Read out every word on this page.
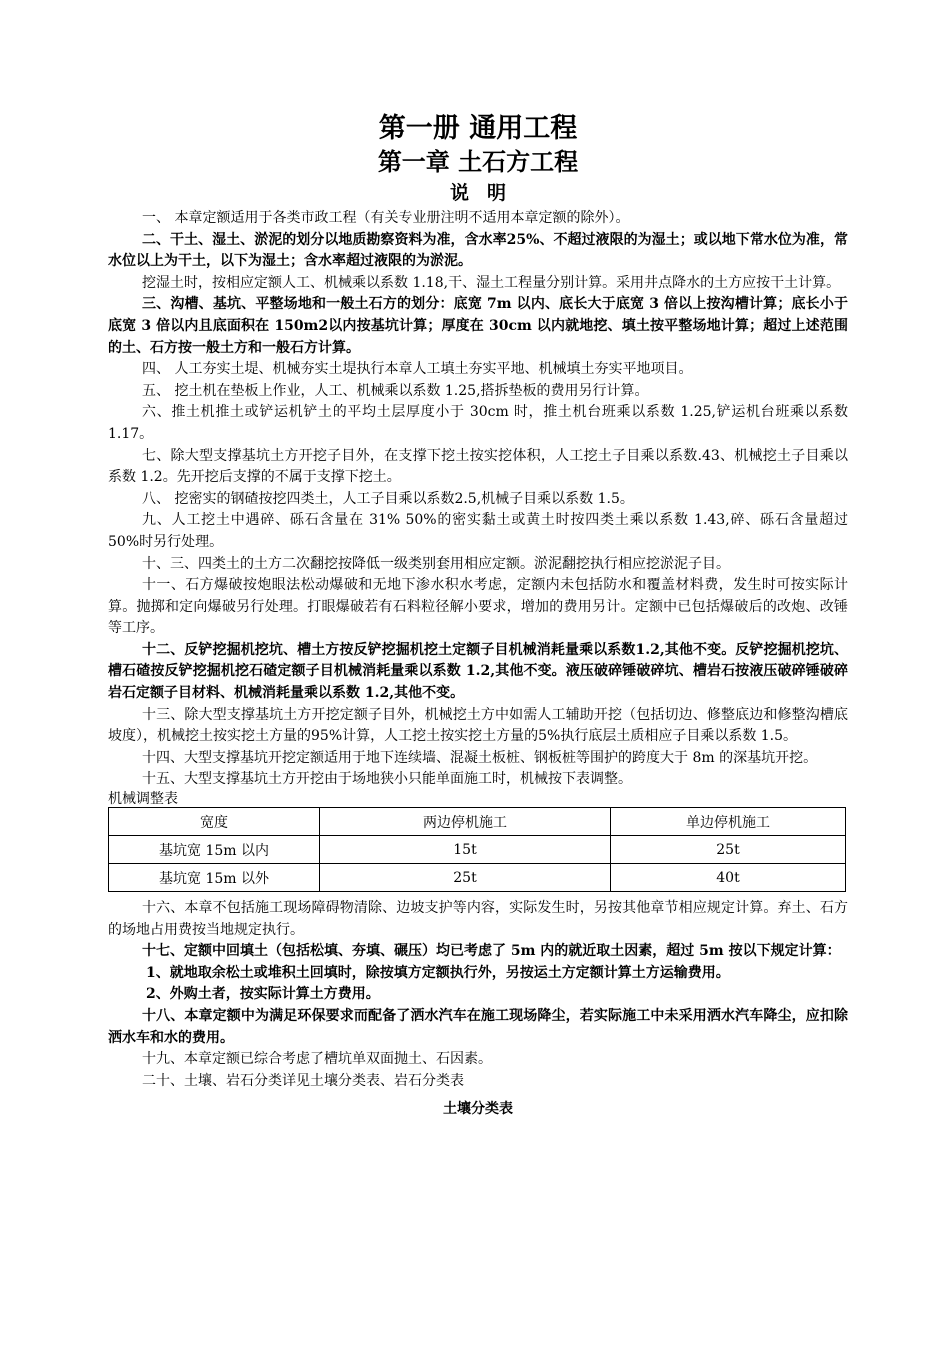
第一册 通用工程
第一章 土石方工程
说明

一、 本章定额适用于各类市政工程（有关专业册注明不适用本章定额的除外）。

二、干土、湿土、淤泥的划分以地质勘察资料为准，含水率25%、不超过液限的为湿土；或以地下常水位为准，常水位以上为干土，以下为湿土；含水率超过液限的为淤泥。

挖湿土时，按相应定额人工、机械乘以系数 1.18,干、湿土工程量分别计算。采用井点降水的土方应按干土计算。

三、沟槽、基坑、平整场地和一般土石方的划分：底宽 7m 以内、底长大于底宽 3 倍以上按沟槽计算；底长小于底宽 3 倍以内且底面积在 150m2以内按基坑计算；厚度在 30cm 以内就地挖、填土按平整场地计算；超过上述范围的土、石方按一般土方和一般石方计算。

四、 人工夯实土堤、机械夯实土堤执行本章人工填土夯实平地、机械填土夯实平地项目。

五、 挖土机在垫板上作业，人工、机械乘以系数 1.25,搭拆垫板的费用另行计算。

六、推土机推土或铲运机铲土的平均土层厚度小于 30cm 时，推土机台班乘以系数 1.25,铲运机台班乘以系数 1.17。

七、除大型支撑基坑土方开挖子目外，在支撑下挖土按实挖体积，人工挖土子目乘以系数.43、机械挖土子目乘以系数 1.2。先开挖后支撑的不属于支撑下挖土。

八、 挖密实的钢碴按挖四类土，人工子目乘以系数2.5,机械子目乘以系数 1.5。

九、人工挖土中遇碎、砾石含量在 31% 50%的密实黏土或黄土时按四类土乘以系数 1.43,碎、砾石含量超过 50%时另行处理。

十、三、四类土的土方二次翻挖按降低一级类别套用相应定额。淤泥翻挖执行相应挖淤泥子目。

十一、石方爆破按炮眼法松动爆破和无地下渗水积水考虑，定额内未包括防水和覆盖材料费，发生时可按实际计算。抛掷和定向爆破另行处理。打眼爆破若有石料粒径解小要求，增加的费用另计。定额中已包括爆破后的改炮、改锤等工序。

十二、反铲挖掘机挖坑、槽土方按反铲挖掘机挖土定额子目机械消耗量乘以系数1.2,其他不变。反铲挖掘机挖坑、槽石碴按反铲挖掘机挖石碴定额子目机械消耗量乘以系数 1.2,其他不变。液压破碎锤破碎坑、槽岩石按液压破碎锤破碎岩石定额子目材料、机械消耗量乘以系数 1.2,其他不变。

十三、除大型支撑基坑土方开挖定额子目外，机械挖土方中如需人工辅助开挖（包括切边、修整底边和修整沟槽底坡度），机械挖土按实挖土方量的95%计算，人工挖土按实挖土方量的5%执行底层土质相应子目乘以系数 1.5。

十四、大型支撑基坑开挖定额适用于地下连续墙、混凝土板桩、钢板桩等围护的跨度大于 8m 的深基坑开挖。

十五、大型支撑基坑土方开挖由于场地狭小只能单面施工时，机械按下表调整。

机械调整表
宽度	两边停机施工	单边停机施工
基坑宽 15m 以内	15t	25t
基坑宽 15m 以外	25t	40t

十六、本章不包括施工现场障碍物清除、边坡支护等内容，实际发生时，另按其他章节相应规定计算。弃土、石方的场地占用费按当地规定执行。

十七、定额中回填土（包括松填、夯填、碾压）均已考虑了 5m 内的就近取土因素，超过 5m 按以下规定计算：

1、就地取余松土或堆积土回填时，除按填方定额执行外，另按运土方定额计算土方运输费用。

2、外购土者，按实际计算土方费用。

十八、本章定额中为满足环保要求而配备了洒水汽车在施工现场降尘，若实际施工中未采用洒水汽车降尘，应扣除洒水车和水的费用。

十九、本章定额已综合考虑了槽坑单双面抛土、石因素。

二十、土壤、岩石分类详见土壤分类表、岩石分类表

土壤分类表
